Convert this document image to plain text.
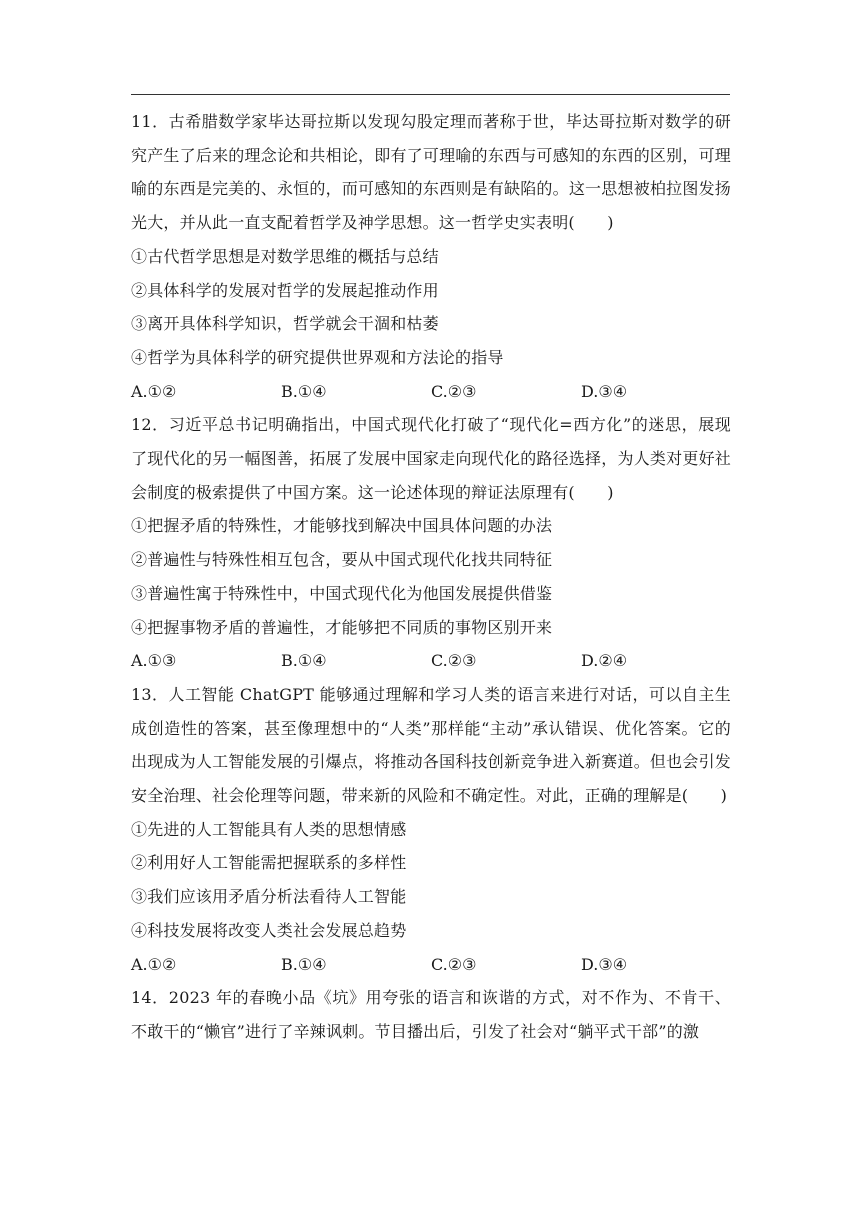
11．古希腊数学家毕达哥拉斯以发现勾股定理而著称于世，毕达哥拉斯对数学的研究产生了后来的理念论和共相论，即有了可理喻的东西与可感知的东西的区别，可理喻的东西是完美的、永恒的，而可感知的东西则是有缺陷的。这一思想被柏拉图发扬光大，并从此一直支配着哲学及神学思想。这一哲学史实表明(　　)

①古代哲学思想是对数学思维的概括与总结

②具体科学的发展对哲学的发展起推动作用

③离开具体科学知识，哲学就会干涸和枯萎

④哲学为具体科学的研究提供世界观和方法论的指导

A.①②	B.①④	C.②③	D.③④

12．习近平总书记明确指出，中国式现代化打破了“现代化=西方化”的迷思，展现了现代化的另一幅图善，拓展了发展中国家走向现代化的路径选择，为人类对更好社会制度的极索提供了中国方案。这一论述体现的辩证法原理有(　　)

①把握矛盾的特殊性，才能够找到解决中国具体问题的办法

②普遍性与特殊性相互包含，要从中国式现代化找共同特征

③普遍性寓于特殊性中，中国式现代化为他国发展提供借鉴

④把握事物矛盾的普遍性，才能够把不同质的事物区别开来

A.①③	B.①④	C.②③	D.②④

13．人工智能 ChatGPT 能够通过理解和学习人类的语言来进行对话，可以自主生成创造性的答案，甚至像理想中的“人类”那样能“主动”承认错误、优化答案。它的出现成为人工智能发展的引爆点，将推动各国科技创新竞争进入新赛道。但也会引发安全治理、社会伦理等问题，带来新的风险和不确定性。对此，正确的理解是(　　)

①先进的人工智能具有人类的思想情感

②利用好人工智能需把握联系的多样性

③我们应该用矛盾分析法看待人工智能

④科技发展将改变人类社会发展总趋势

A.①②	B.①④	C.②③	D.③④

14．2023 年的春晚小品《坑》用夸张的语言和诙谐的方式，对不作为、不肯干、不敢干的“懒官”进行了辛辣讽刺。节目播出后，引发了社会对“躺平式干部”的激
